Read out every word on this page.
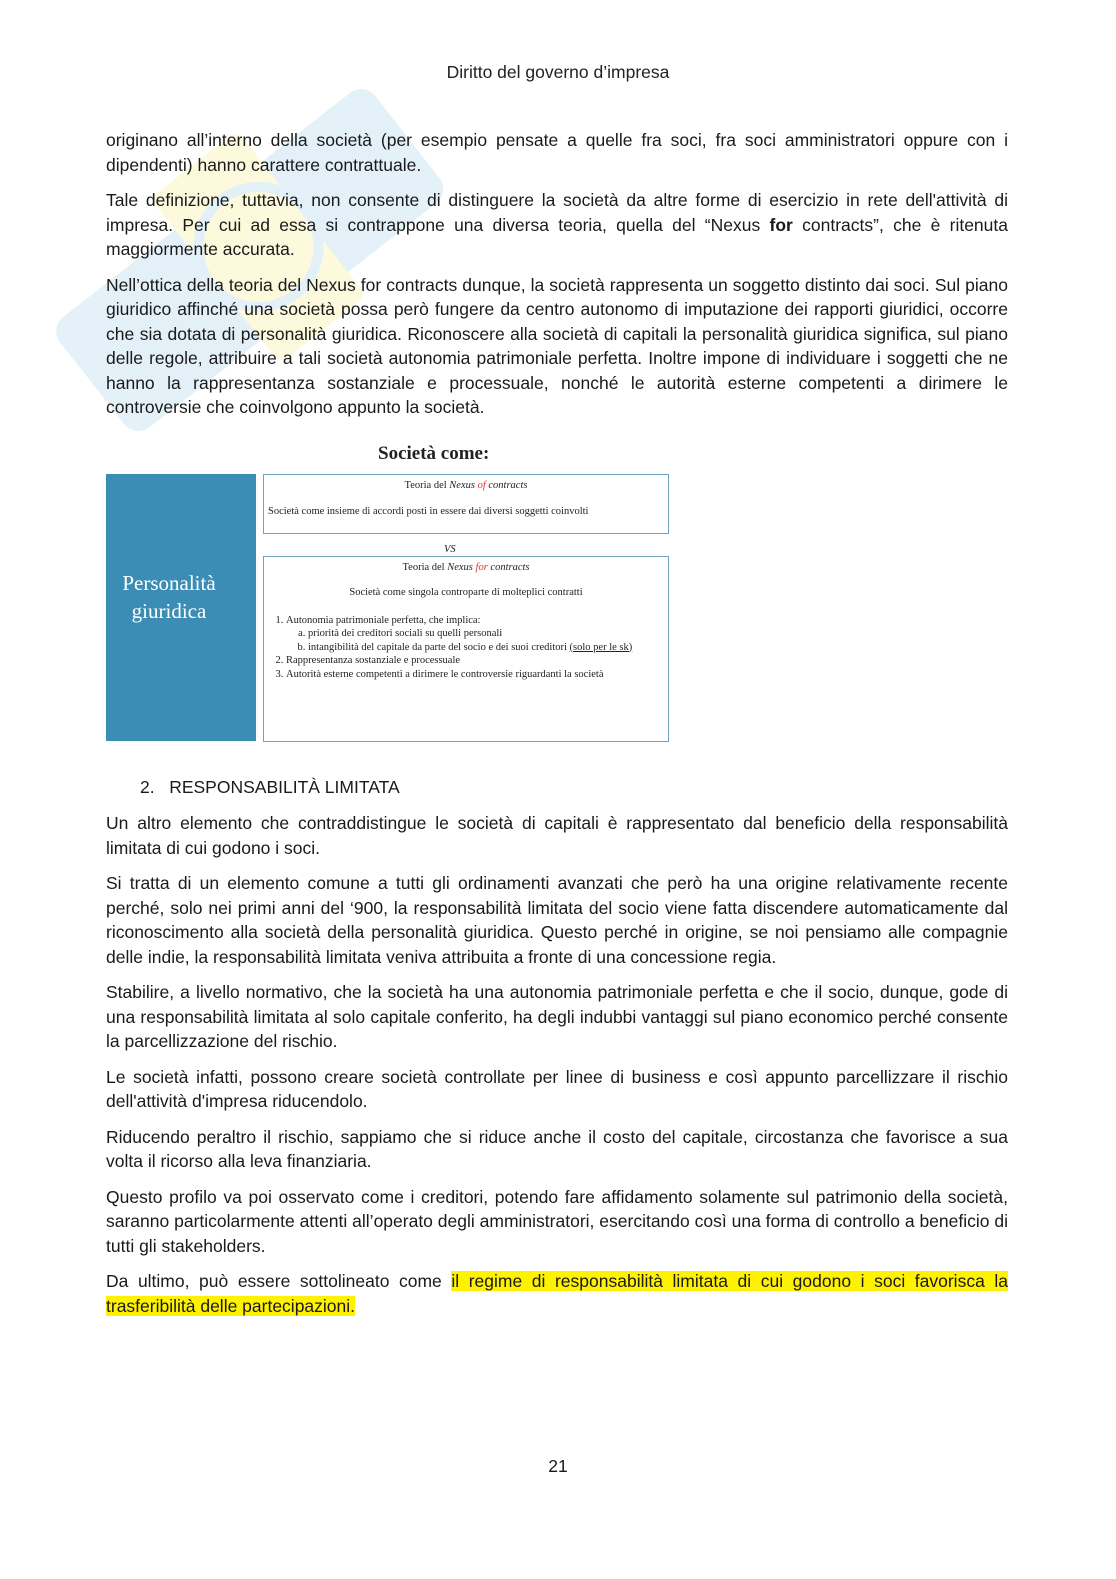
Diritto del governo d’impresa

originano all’interno della società (per esempio pensate a quelle fra soci, fra soci amministratori oppure con i dipendenti) hanno carattere contrattuale.

Tale definizione, tuttavia, non consente di distinguere la società da altre forme di esercizio in rete dell'attività di impresa. Per cui ad essa si contrappone una diversa teoria, quella del “Nexus for contracts”, che è ritenuta maggiormente accurata.

Nell’ottica della teoria del Nexus for contracts dunque, la società rappresenta un soggetto distinto dai soci. Sul piano giuridico affinché una società possa però fungere da centro autonomo di imputazione dei rapporti giuridici, occorre che sia dotata di personalità giuridica. Riconoscere alla società di capitali la personalità giuridica significa, sul piano delle regole, attribuire a tali società autonomia patrimoniale perfetta. Inoltre impone di individuare i soggetti che ne hanno la rappresentanza sostanziale e processuale, nonché le autorità esterne competenti a dirimere le controversie che coinvolgono appunto la società.

Società come:
Personalità giuridica
Teoria del Nexus of contracts
Società come insieme di accordi posti in essere dai diversi soggetti coinvolti
VS
Teoria del Nexus for contracts
Società come singola controparte di molteplici contratti
1. Autonomia patrimoniale perfetta, che implica:
a. priorità dei creditori sociali su quelli personali
b. intangibilità del capitale da parte del socio e dei suoi creditori (solo per le sk)
2. Rappresentanza sostanziale e processuale
3. Autorità esterne competenti a dirimere le controversie riguardanti la società
2. RESPONSABILITÀ LIMITATA

Un altro elemento che contraddistingue le società di capitali è rappresentato dal beneficio della responsabilità limitata di cui godono i soci.

Si tratta di un elemento comune a tutti gli ordinamenti avanzati che però ha una origine relativamente recente perché, solo nei primi anni del ‘900, la responsabilità limitata del socio viene fatta discendere automaticamente dal riconoscimento alla società della personalità giuridica. Questo perché in origine, se noi pensiamo alle compagnie delle indie, la responsabilità limitata veniva attribuita a fronte di una concessione regia.

Stabilire, a livello normativo, che la società ha una autonomia patrimoniale perfetta e che il socio, dunque, gode di una responsabilità limitata al solo capitale conferito, ha degli indubbi vantaggi sul piano economico perché consente la parcellizzazione del rischio.

Le società infatti, possono creare società controllate per linee di business e così appunto parcellizzare il rischio dell'attività d'impresa riducendolo.

Riducendo peraltro il rischio, sappiamo che si riduce anche il costo del capitale, circostanza che favorisce a sua volta il ricorso alla leva finanziaria.

Questo profilo va poi osservato come i creditori, potendo fare affidamento solamente sul patrimonio della società, saranno particolarmente attenti all’operato degli amministratori, esercitando così una forma di controllo a beneficio di tutti gli stakeholders.

Da ultimo, può essere sottolineato come il regime di responsabilità limitata di cui godono i soci favorisca la trasferibilità delle partecipazioni.

21
